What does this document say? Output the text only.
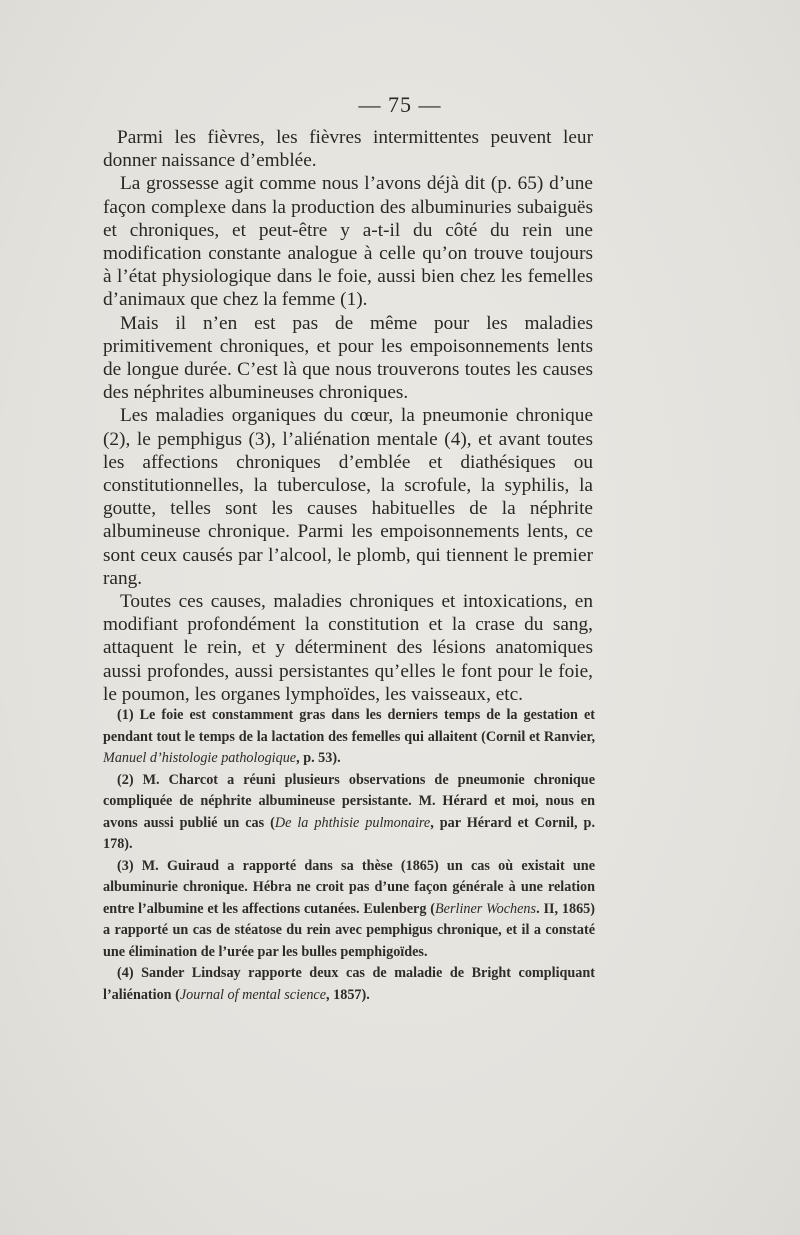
— 75 —

Parmi les fièvres, les fièvres intermittentes peuvent leur donner naissance d’emblée.

La grossesse agit comme nous l’avons déjà dit (p. 65) d’une façon complexe dans la production des albuminuries subaiguës et chroniques, et peut-être y a-t-il du côté du rein une modification constante analogue à celle qu’on trouve toujours à l’état physiologique dans le foie, aussi bien chez les femelles d’animaux que chez la femme (1).

Mais il n’en est pas de même pour les maladies primitivement chroniques, et pour les empoisonnements lents de longue durée. C’est là que nous trouverons toutes les causes des néphrites albumineuses chroniques.

Les maladies organiques du cœur, la pneumonie chronique (2), le pemphigus (3), l’aliénation mentale (4), et avant toutes les affections chroniques d’emblée et diathésiques ou constitutionnelles, la tuberculose, la scrofule, la syphilis, la goutte, telles sont les causes habituelles de la néphrite albumineuse chronique. Parmi les empoisonnements lents, ce sont ceux causés par l’alcool, le plomb, qui tiennent le premier rang.

Toutes ces causes, maladies chroniques et intoxications, en modifiant profondément la constitution et la crase du sang, attaquent le rein, et y déterminent des lésions anatomiques aussi profondes, aussi persistantes qu’elles le font pour le foie, le poumon, les organes lymphoïdes, les vaisseaux, etc.

(1) Le foie est constamment gras dans les derniers temps de la gestation et pendant tout le temps de la lactation des femelles qui allaitent (Cornil et Ranvier, Manuel d’histologie pathologique, p. 53).

(2) M. Charcot a réuni plusieurs observations de pneumonie chronique compliquée de néphrite albumineuse persistante. M. Hérard et moi, nous en avons aussi publié un cas (De la phthisie pulmonaire, par Hérard et Cornil, p. 178).

(3) M. Guiraud a rapporté dans sa thèse (1865) un cas où existait une albuminurie chronique. Hébra ne croit pas d’une façon générale à une relation entre l’albumine et les affections cutanées. Eulenberg (Berliner Wochens. II, 1865) a rapporté un cas de stéatose du rein avec pemphigus chronique, et il a constaté une élimination de l’urée par les bulles pemphigoïdes.

(4) Sander Lindsay rapporte deux cas de maladie de Bright compliquant l’aliénation (Journal of mental science, 1857).
